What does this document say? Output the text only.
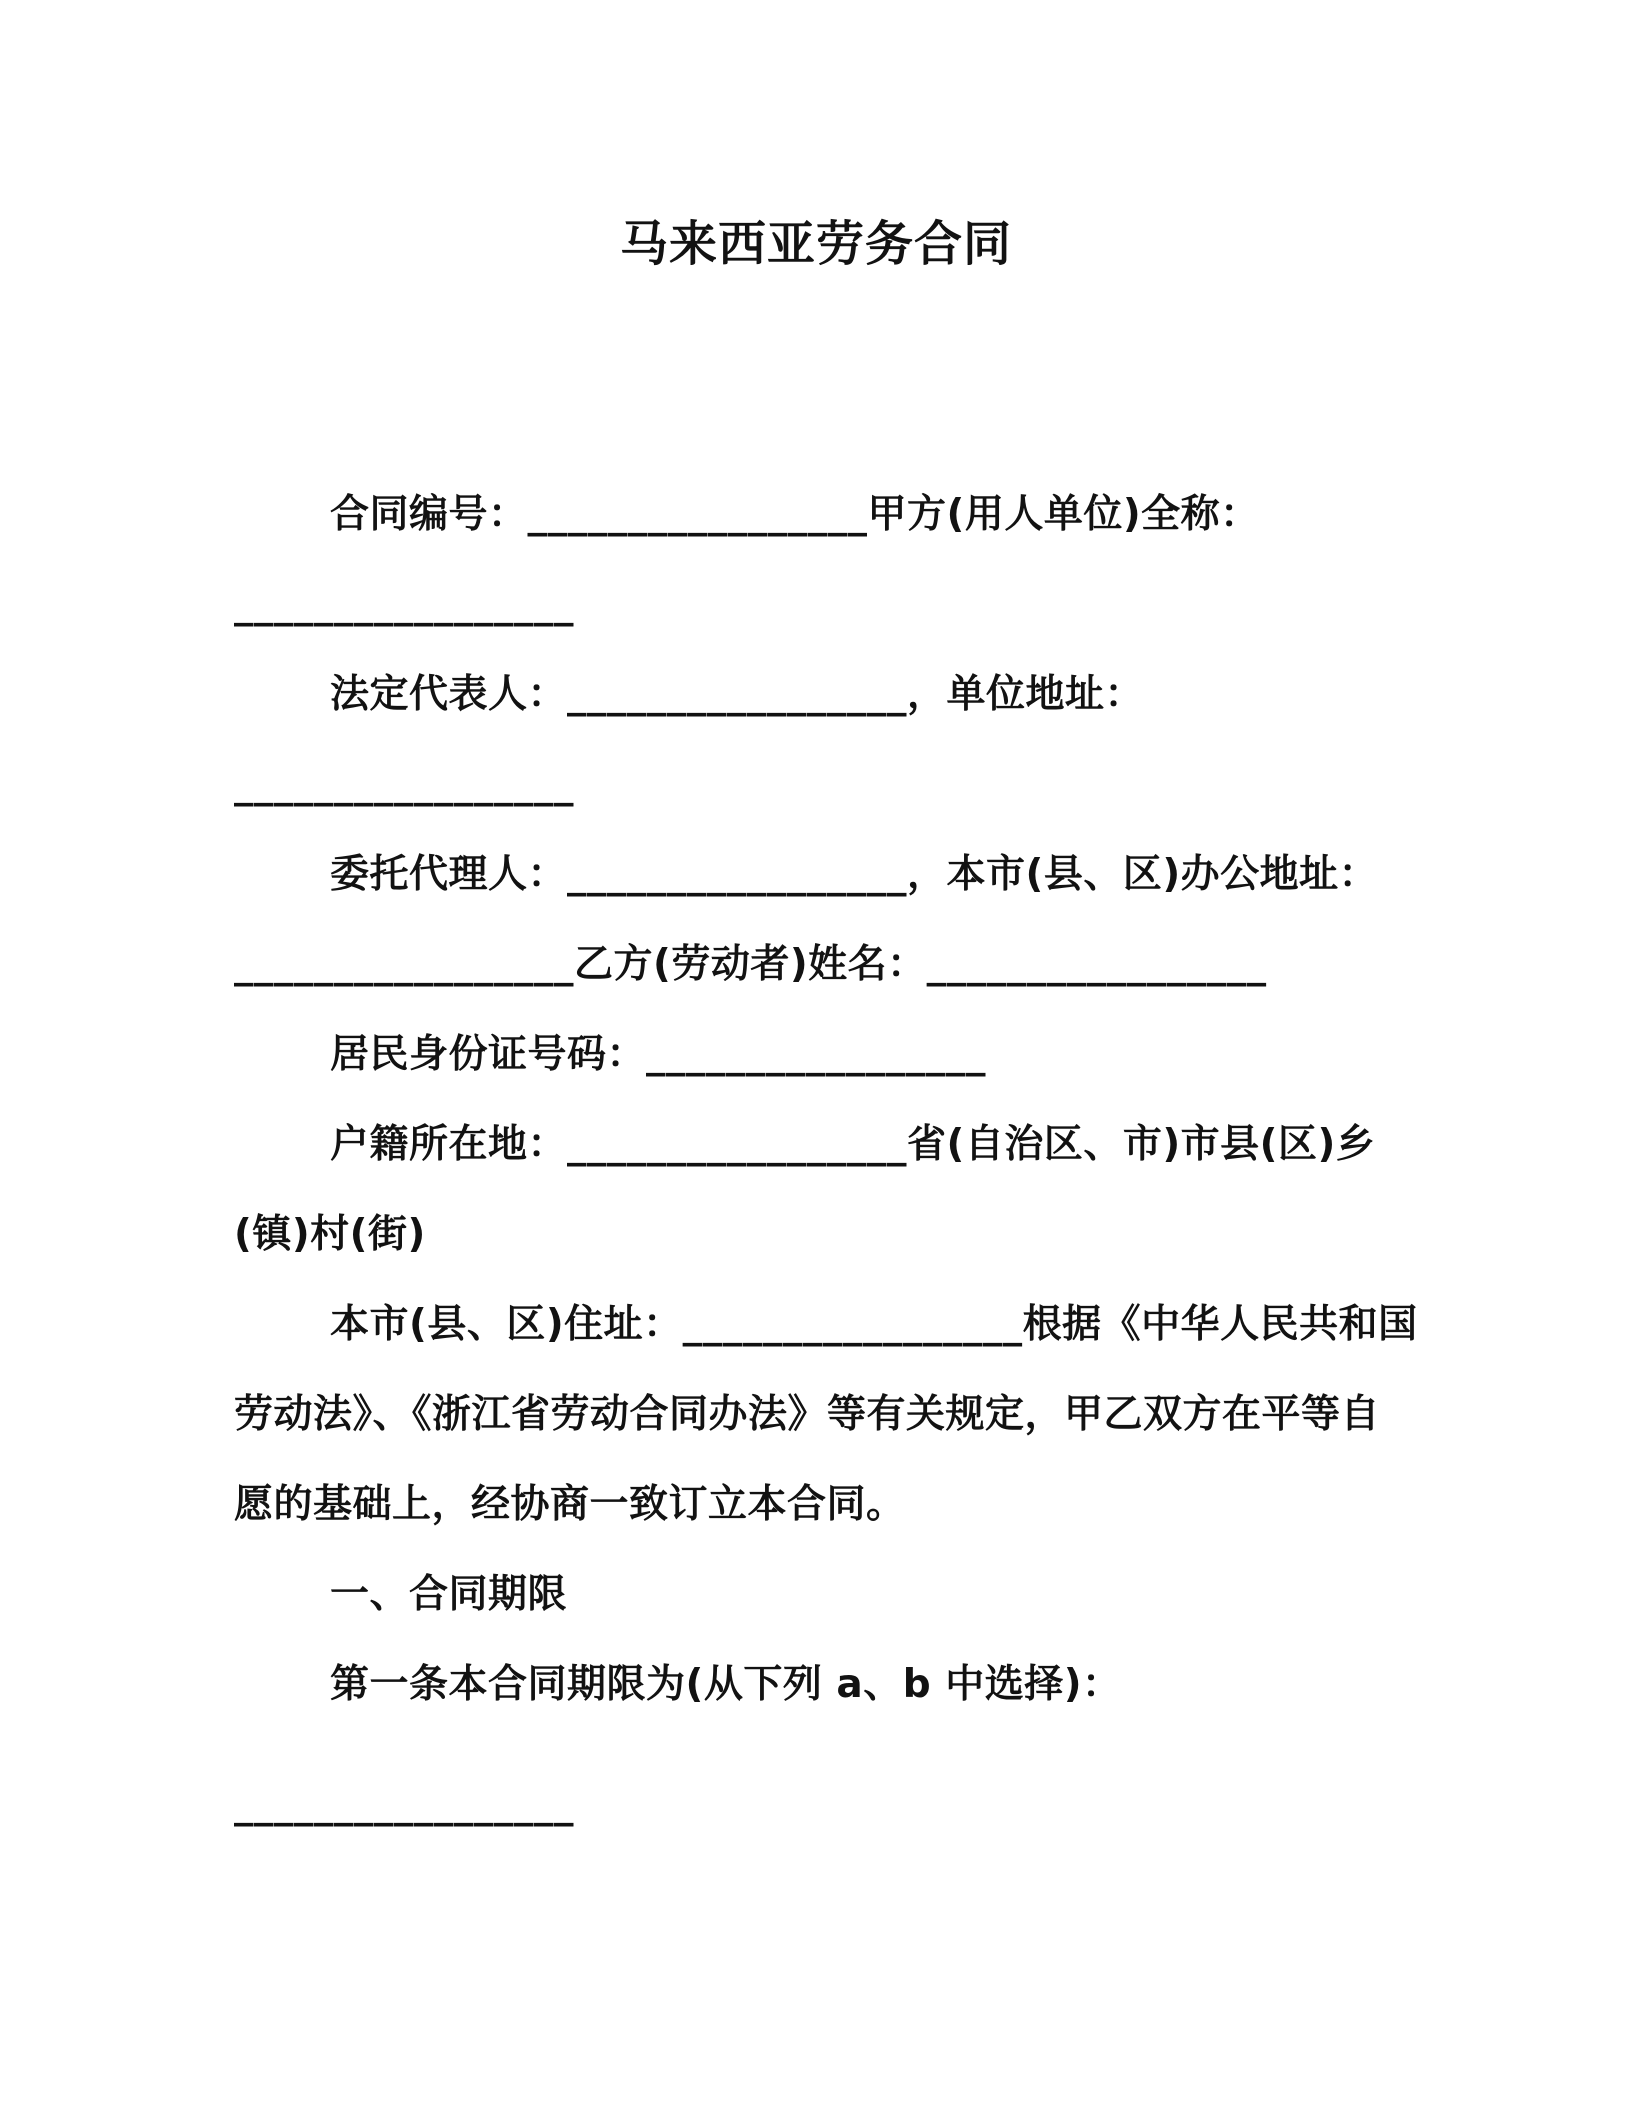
马来西亚劳务合同
合同编号：_________________甲方(用人单位)全称：
_________________
法定代表人：_________________，单位地址：
_________________
委托代理人：_________________，本市(县、区)办公地址：
_________________乙方(劳动者)姓名：_________________
居民身份证号码：_________________
户籍所在地：_________________省(自治区、市)市县(区)乡
(镇)村(街)
本市(县、区)住址：_________________根据《中华人民共和国
劳动法》、《浙江省劳动合同办法》等有关规定，甲乙双方在平等自
愿的基础上，经协商一致订立本合同。
一、合同期限
第一条本合同期限为(从下列 a、b 中选择)：
_________________
